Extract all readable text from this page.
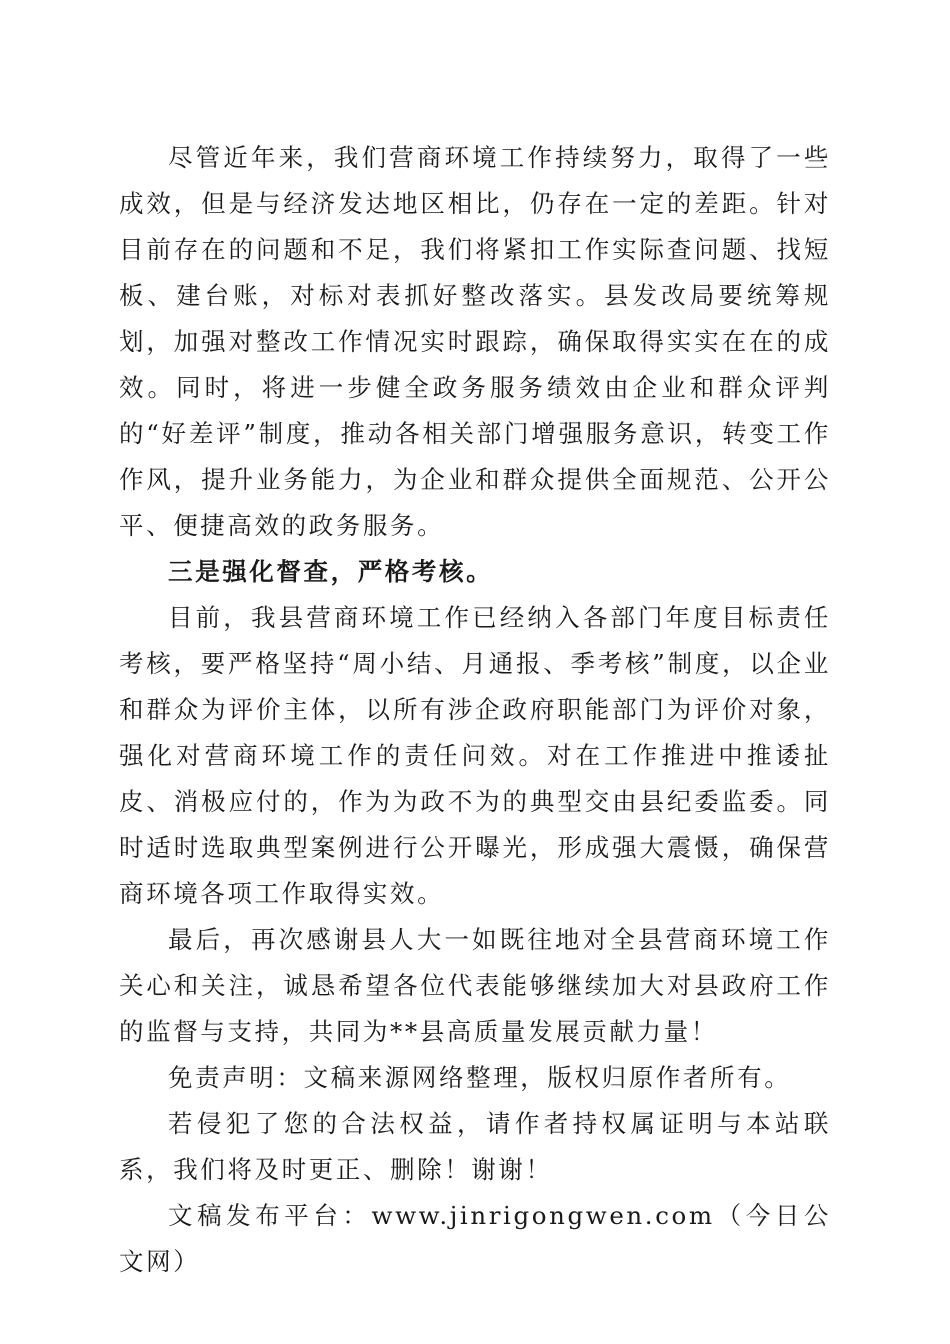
尽管近年来，我们营商环境工作持续努力，取得了一些成效，但是与经济发达地区相比，仍存在一定的差距。针对目前存在的问题和不足，我们将紧扣工作实际查问题、找短板、建台账，对标对表抓好整改落实。县发改局要统筹规划，加强对整改工作情况实时跟踪，确保取得实实在在的成效。同时，将进一步健全政务服务绩效由企业和群众评判的“好差评”制度，推动各相关部门增强服务意识，转变工作作风，提升业务能力，为企业和群众提供全面规范、公开公平、便捷高效的政务服务。

三是强化督查，严格考核。

目前，我县营商环境工作已经纳入各部门年度目标责任考核，要严格坚持“周小结、月通报、季考核”制度，以企业和群众为评价主体，以所有涉企政府职能部门为评价对象，强化对营商环境工作的责任问效。对在工作推进中推诿扯皮、消极应付的，作为为政不为的典型交由县纪委监委。同时适时选取典型案例进行公开曝光，形成强大震慑，确保营商环境各项工作取得实效。

最后，再次感谢县人大一如既往地对全县营商环境工作关心和关注，诚恳希望各位代表能够继续加大对县政府工作的监督与支持，共同为**县高质量发展贡献力量！

免责声明：文稿来源网络整理，版权归原作者所有。

若侵犯了您的合法权益，请作者持权属证明与本站联系，我们将及时更正、删除！谢谢！

文稿发布平台：www.jinrigongwen.com（今日公文网）
